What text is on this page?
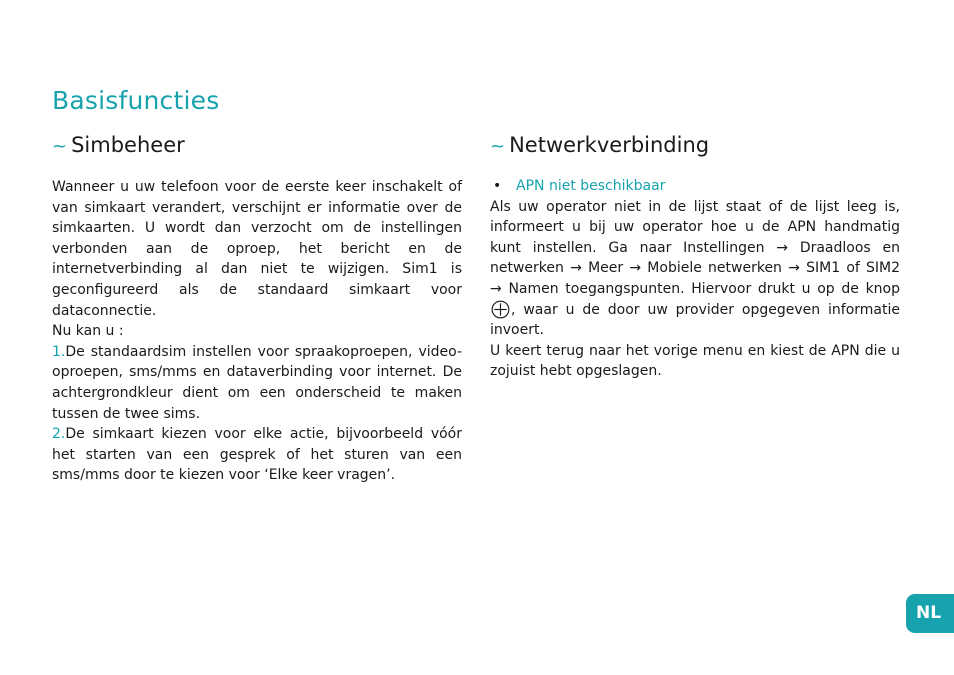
Basisfuncties
~ Simbeheer

Wanneer u uw telefoon voor de eerste keer inschakelt of van simkaart verandert, verschijnt er informatie over de simkaarten. U wordt dan verzocht om de instellingen verbonden aan de oproep, het bericht en de internetverbinding al dan niet te wijzigen. Sim1 is geconfigureerd als de standaard simkaart voor dataconnectie.

Nu kan u :

1.De standaardsim instellen voor spraakoproepen, video-oproepen, sms/mms en dataverbinding voor internet. De achtergrondkleur dient om een onderscheid te maken tussen de twee sims.

2.De simkaart kiezen voor elke actie, bijvoorbeeld vóór het starten van een gesprek of het sturen van een sms/mms door te kiezen voor ‘Elke keer vragen’.

~ Netwerkverbinding
• APN niet beschikbaar

Als uw operator niet in de lijst staat of de lijst leeg is, informeert u bij uw operator hoe u de APN handmatig kunt instellen. Ga naar Instellingen → Draadloos en netwerken → Meer → Mobiele netwerken → SIM1 of SIM2 → Namen toegangspunten. Hiervoor drukt u op de knop , waar u de door uw provider opgegeven informatie invoert.

U keert terug naar het vorige menu en kiest de APN die u zojuist hebt opgeslagen.

NL
